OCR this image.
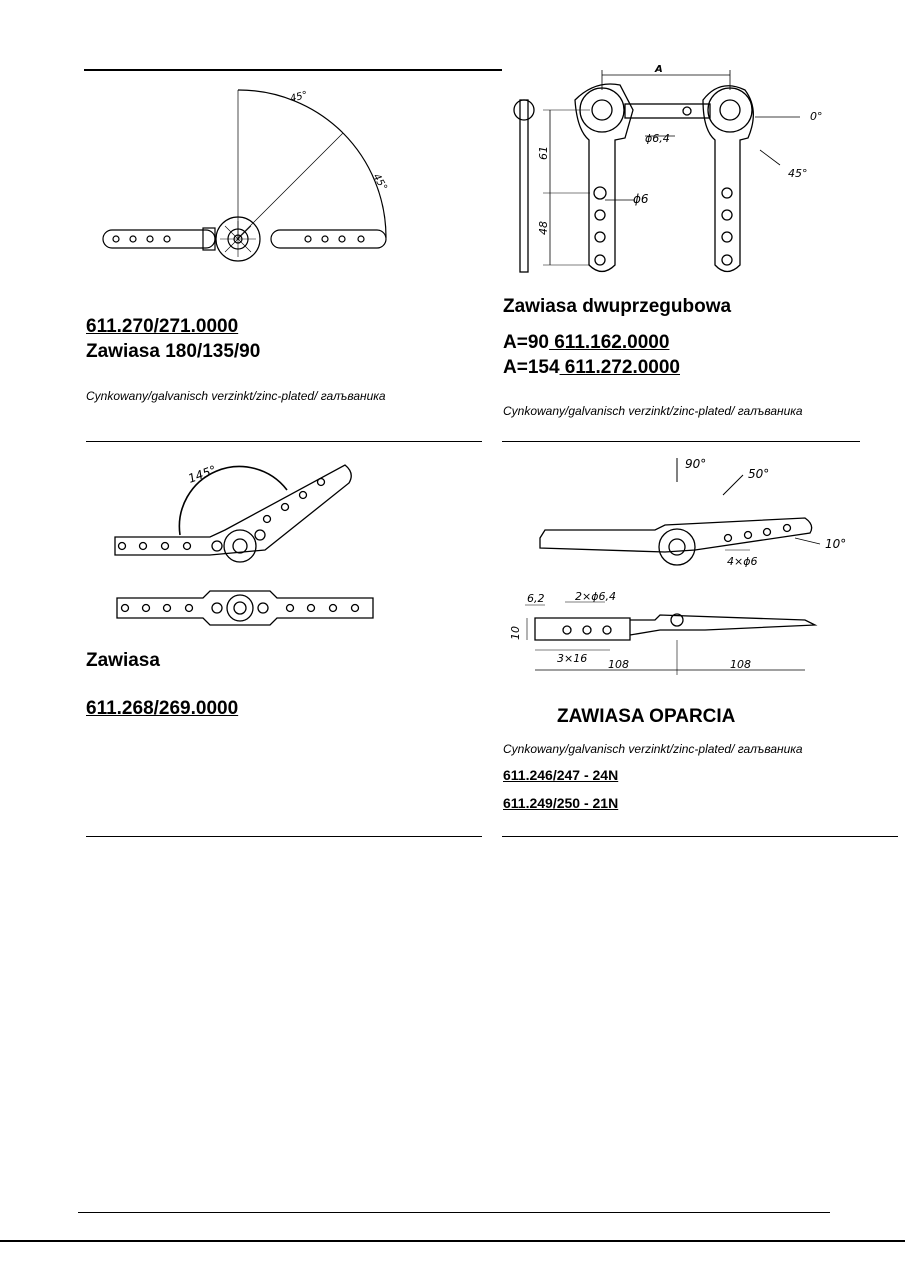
45°
45°
611.270/271.0000
Zawiasa 180/135/90
Cynkowany/galvanisch verzinkt/zinc-plated/ галъваника
A
ϕ6,4
ϕ6
61
48
0°
45°
Zawiasa dwuprzegubowa
A=90 611.162.0000
A=154 611.272.0000
Cynkowany/galvanisch verzinkt/zinc-plated/ галъваника
145°
Zawiasa
611.268/269.0000
90°
50°
10°
4×ϕ6
6,2	2×ϕ6,4
10
3×16 108	108
ZAWIASA OPARCIA
Cynkowany/galvanisch verzinkt/zinc-plated/ галъваника
611.246/247 - 24N
611.249/250 - 21N
